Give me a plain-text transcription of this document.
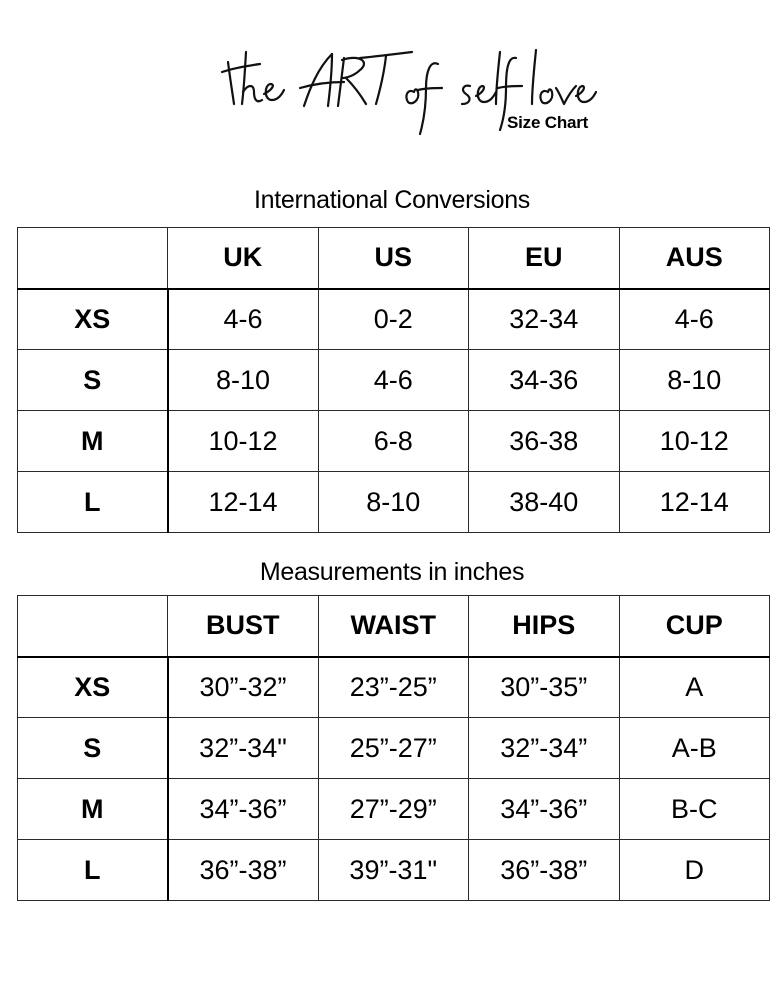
Size Chart
International Conversions
	UK	US	EU	AUS
XS	4-6	0-2	32-34	4-6
S	8-10	4-6	34-36	8-10
M	10-12	6-8	36-38	10-12
L	12-14	8-10	38-40	12-14
Measurements in inches
	BUST	WAIST	HIPS	CUP
XS	30”-32”	23”-25”	30”-35”	A
S	32”-34"	25”-27”	32”-34”	A-B
M	34”-36”	27”-29”	34”-36”	B-C
L	36”-38”	39”-31"	36”-38”	D
